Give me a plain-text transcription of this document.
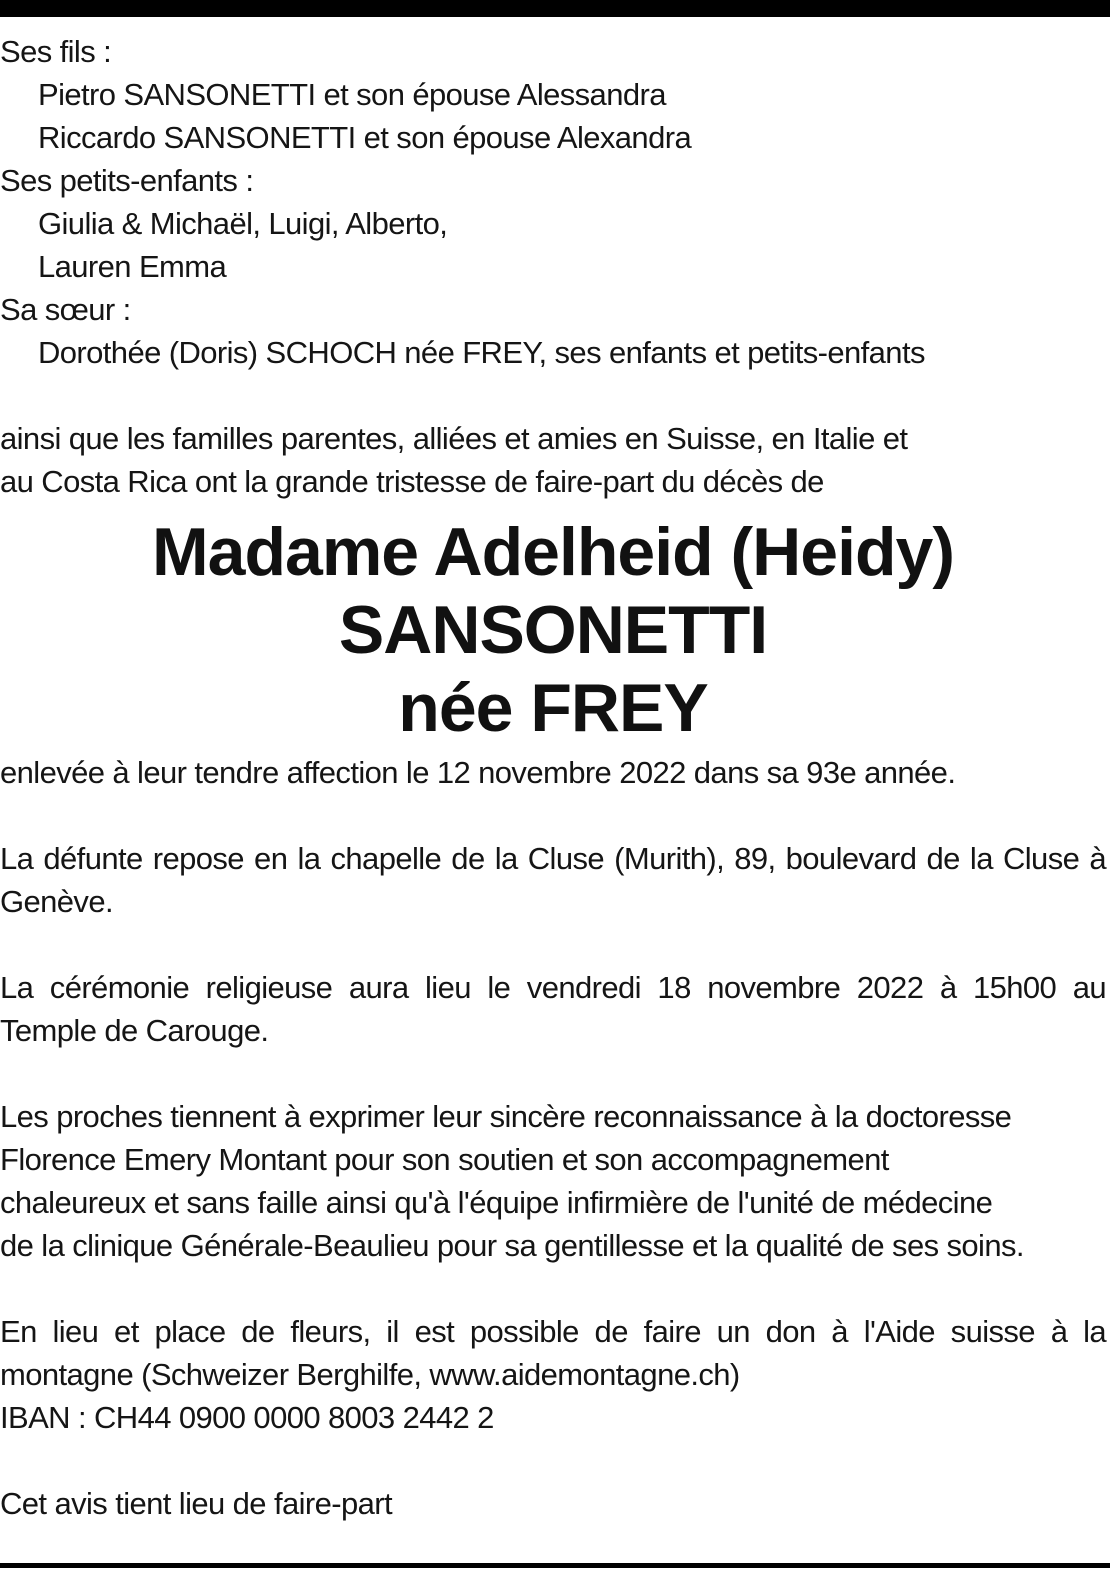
Ses fils :
Pietro SANSONETTI et son épouse Alessandra
Riccardo SANSONETTI et son épouse Alexandra
Ses petits-enfants :
Giulia & Michaël, Luigi, Alberto,
Lauren Emma
Sa sœur :
Dorothée (Doris) SCHOCH née FREY, ses enfants et petits-enfants
ainsi que les familles parentes, alliées et amies en Suisse, en Italie et
au Costa Rica ont la grande tristesse de faire-part du décès de
Madame Adelheid (Heidy)
SANSONETTI
née FREY
enlevée à leur tendre affection le 12 novembre 2022 dans sa 93e année.
La défunte repose en la chapelle de la Cluse (Murith), 89, boulevard de la Cluse à Genève.
La cérémonie religieuse aura lieu le vendredi 18 novembre 2022 à 15h00 au Temple de Carouge.
Les proches tiennent à exprimer leur sincère reconnaissance à la doctoresse
Florence Emery Montant pour son soutien et son accompagnement
chaleureux et sans faille ainsi qu'à l'équipe infirmière de l'unité de médecine
de la clinique Générale-Beaulieu pour sa gentillesse et la qualité de ses soins.
En lieu et place de fleurs, il est possible de faire un don à l'Aide suisse à la montagne (Schweizer Berghilfe, www.aidemontagne.ch)
IBAN : CH44 0900 0000 8003 2442 2
Cet avis tient lieu de faire-part
